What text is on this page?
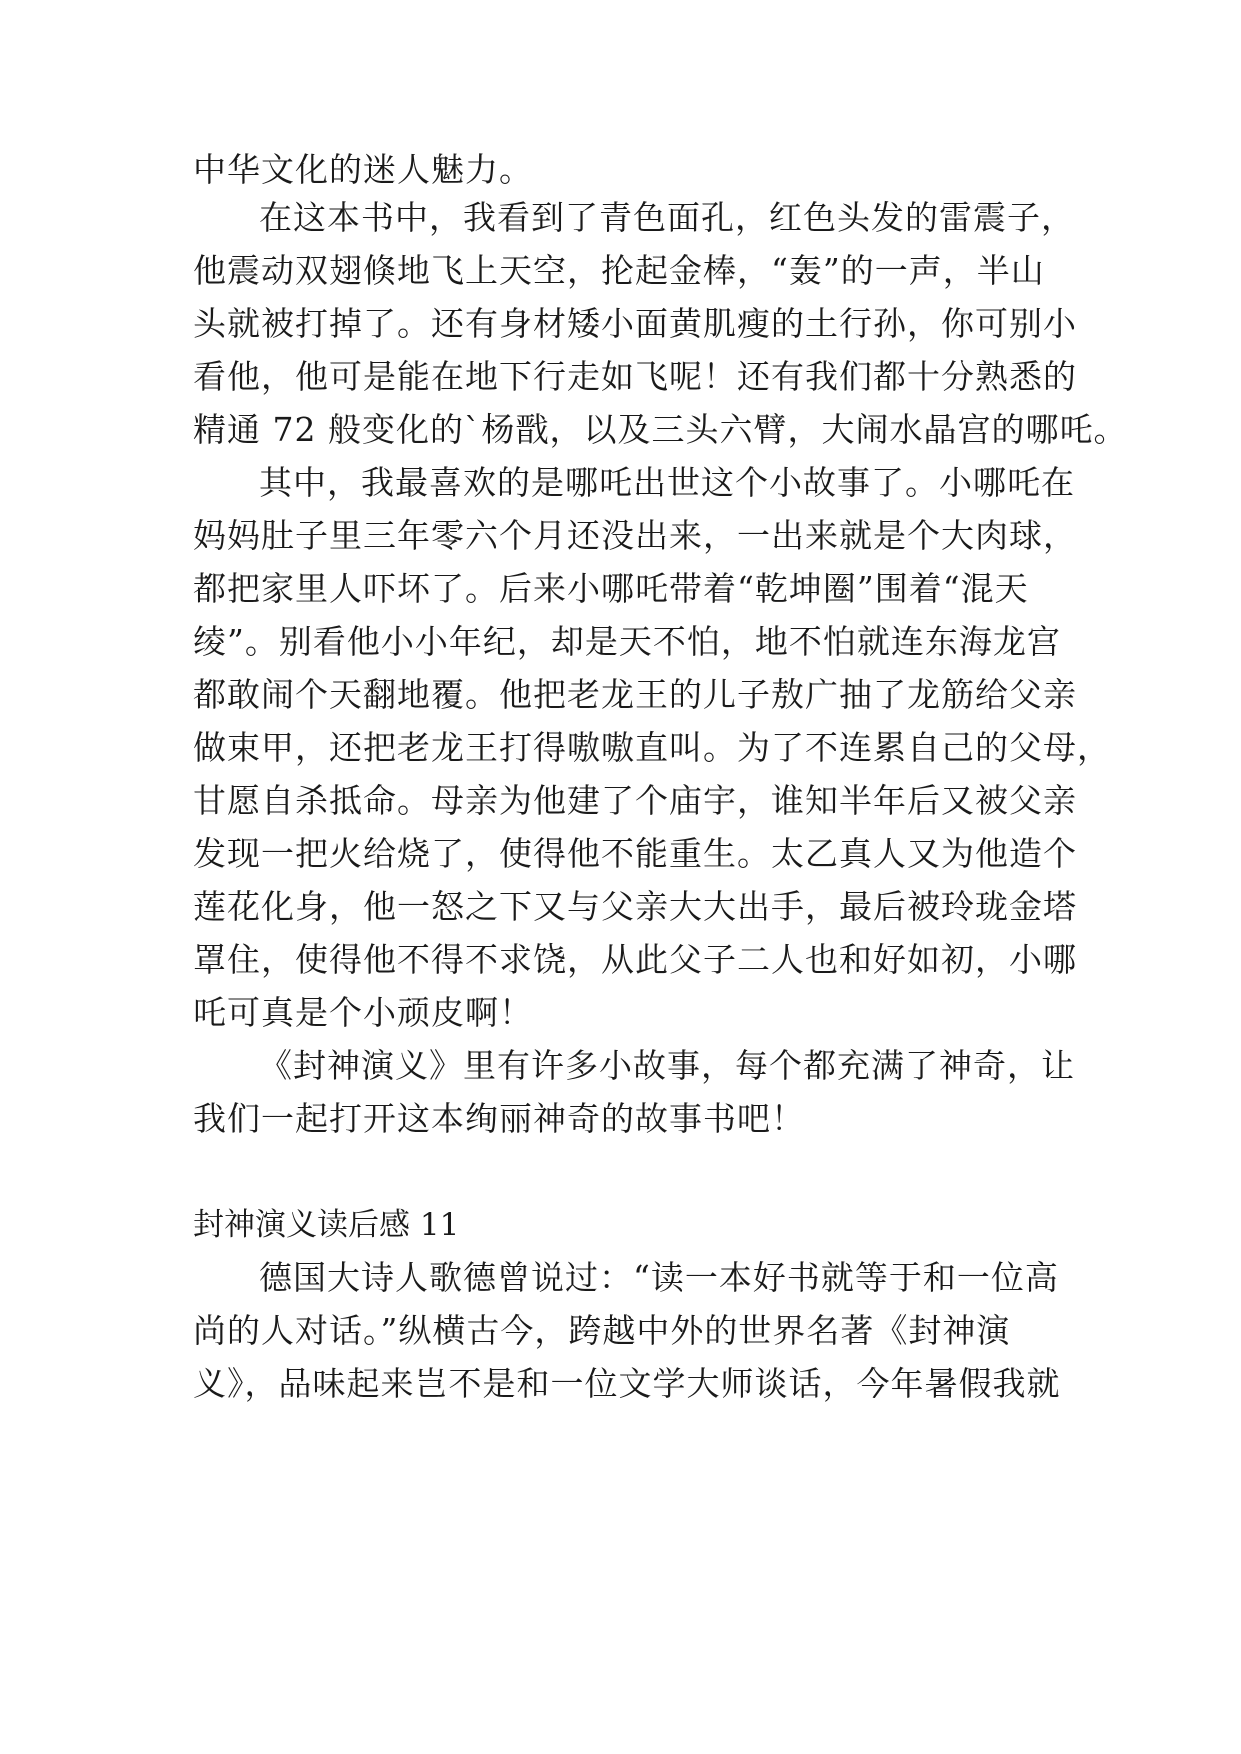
中华文化的迷人魅力。
在这本书中，我看到了青色面孔，红色头发的雷震子，
他震动双翅倏地飞上天空，抡起金棒，“轰”的一声，半山
头就被打掉了。还有身材矮小面黄肌瘦的土行孙，你可别小
看他，他可是能在地下行走如飞呢！还有我们都十分熟悉的
精通 72 般变化的`杨戬，以及三头六臂，大闹水晶宫的哪吒。
其中，我最喜欢的是哪吒出世这个小故事了。小哪吒在
妈妈肚子里三年零六个月还没出来，一出来就是个大肉球，
都把家里人吓坏了。后来小哪吒带着“乾坤圈”围着“混天
绫”。别看他小小年纪，却是天不怕，地不怕就连东海龙宫
都敢闹个天翻地覆。他把老龙王的儿子敖广抽了龙筋给父亲
做束甲，还把老龙王打得嗷嗷直叫。为了不连累自己的父母，
甘愿自杀抵命。母亲为他建了个庙宇，谁知半年后又被父亲
发现一把火给烧了，使得他不能重生。太乙真人又为他造个
莲花化身，他一怒之下又与父亲大大出手，最后被玲珑金塔
罩住，使得他不得不求饶，从此父子二人也和好如初，小哪
吒可真是个小顽皮啊！
《封神演义》里有许多小故事，每个都充满了神奇，让
我们一起打开这本绚丽神奇的故事书吧！
封神演义读后感 11
德国大诗人歌德曾说过：“读一本好书就等于和一位高
尚的人对话。”纵横古今，跨越中外的世界名著《封神演
义》，品味起来岂不是和一位文学大师谈话，今年暑假我就
